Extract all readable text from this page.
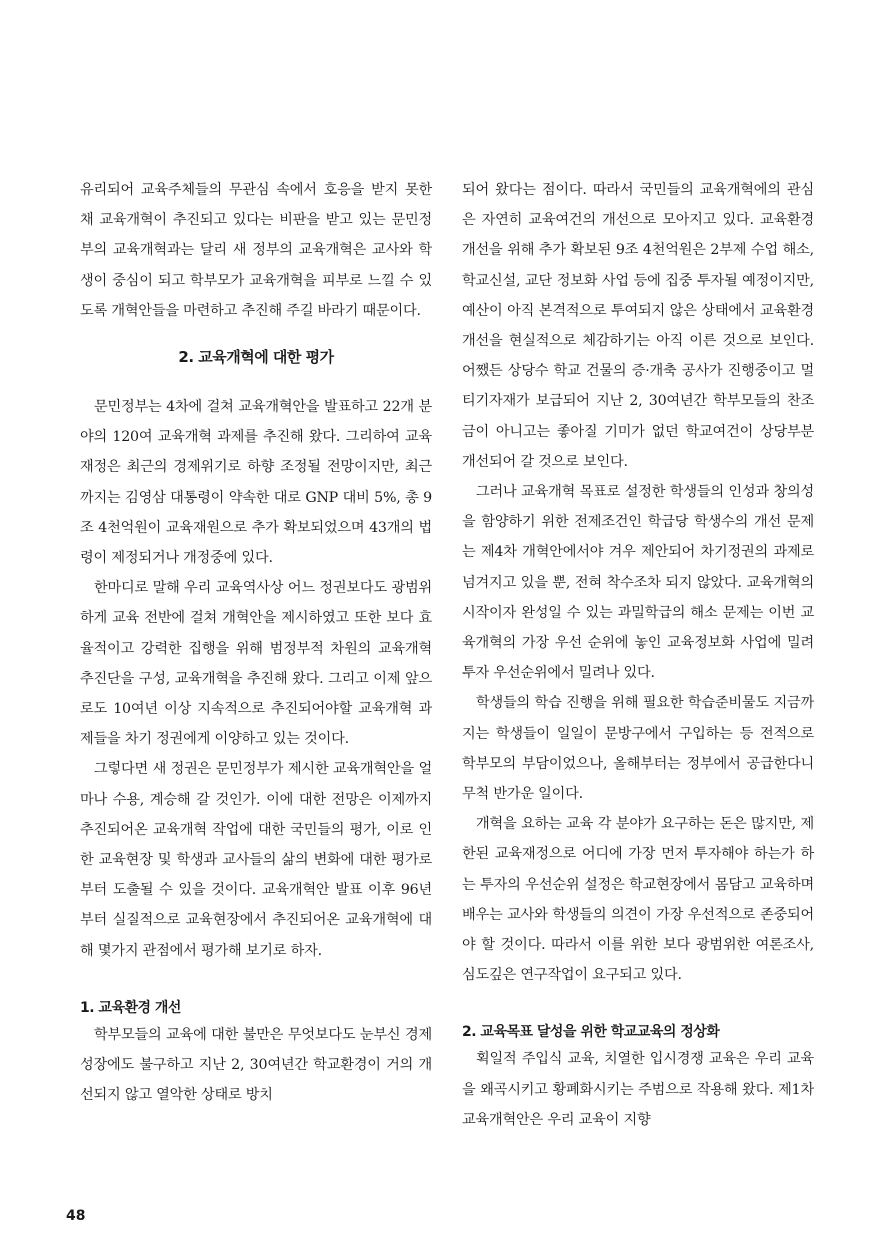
유리되어 교육주체들의 무관심 속에서 호응을 받지 못한 채 교육개혁이 추진되고 있다는 비판을 받고 있는 문민정부의 교육개혁과는 달리 새 정부의 교육개혁은 교사와 학생이 중심이 되고 학부모가 교육개혁을 피부로 느낄 수 있도록 개혁안들을 마련하고 추진해 주길 바라기 때문이다.

2. 교육개혁에 대한 평가

문민정부는 4차에 걸쳐 교육개혁안을 발표하고 22개 분야의 120여 교육개혁 과제를 추진해 왔다. 그리하여 교육재정은 최근의 경제위기로 하향 조정될 전망이지만, 최근까지는 김영삼 대통령이 약속한 대로 GNP 대비 5%, 총 9조 4천억원이 교육재원으로 추가 확보되었으며 43개의 법령이 제정되거나 개정중에 있다.

한마디로 말해 우리 교육역사상 어느 정권보다도 광범위하게 교육 전반에 걸쳐 개혁안을 제시하였고 또한 보다 효율적이고 강력한 집행을 위해 범정부적 차원의 교육개혁 추진단을 구성, 교육개혁을 추진해 왔다. 그리고 이제 앞으로도 10여년 이상 지속적으로 추진되어야할 교육개혁 과제들을 차기 정권에게 이양하고 있는 것이다.

그렇다면 새 정권은 문민정부가 제시한 교육개혁안을 얼마나 수용, 계승해 갈 것인가. 이에 대한 전망은 이제까지 추진되어온 교육개혁 작업에 대한 국민들의 평가, 이로 인한 교육현장 및 학생과 교사들의 삶의 변화에 대한 평가로부터 도출될 수 있을 것이다. 교육개혁안 발표 이후 96년부터 실질적으로 교육현장에서 추진되어온 교육개혁에 대해 몇가지 관점에서 평가해 보기로 하자.

1. 교육환경 개선

학부모들의 교육에 대한 불만은 무엇보다도 눈부신 경제성장에도 불구하고 지난 2, 30여년간 학교환경이 거의 개선되지 않고 열악한 상태로 방치

되어 왔다는 점이다. 따라서 국민들의 교육개혁에의 관심은 자연히 교육여건의 개선으로 모아지고 있다. 교육환경 개선을 위해 추가 확보된 9조 4천억원은 2부제 수업 해소, 학교신설, 교단 정보화 사업 등에 집중 투자될 예정이지만, 예산이 아직 본격적으로 투여되지 않은 상태에서 교육환경 개선을 현실적으로 체감하기는 아직 이른 것으로 보인다. 어쨌든 상당수 학교 건물의 증·개축 공사가 진행중이고 멀티기자재가 보급되어 지난 2, 30여년간 학부모들의 찬조금이 아니고는 좋아질 기미가 없던 학교여건이 상당부분 개선되어 갈 것으로 보인다.

그러나 교육개혁 목표로 설정한 학생들의 인성과 창의성을 함양하기 위한 전제조건인 학급당 학생수의 개선 문제는 제4차 개혁안에서야 겨우 제안되어 차기정권의 과제로 넘겨지고 있을 뿐, 전혀 착수조차 되지 않았다. 교육개혁의 시작이자 완성일 수 있는 과밀학급의 해소 문제는 이번 교육개혁의 가장 우선 순위에 놓인 교육정보화 사업에 밀려 투자 우선순위에서 밀려나 있다.

학생들의 학습 진행을 위해 필요한 학습준비물도 지금까지는 학생들이 일일이 문방구에서 구입하는 등 전적으로 학부모의 부담이었으나, 올해부터는 정부에서 공급한다니 무척 반가운 일이다.

개혁을 요하는 교육 각 분야가 요구하는 돈은 많지만, 제한된 교육재정으로 어디에 가장 먼저 투자해야 하는가 하는 투자의 우선순위 설정은 학교현장에서 몸담고 교육하며 배우는 교사와 학생들의 의견이 가장 우선적으로 존중되어야 할 것이다. 따라서 이를 위한 보다 광범위한 여론조사, 심도깊은 연구작업이 요구되고 있다.

2. 교육목표 달성을 위한 학교교육의 정상화

획일적 주입식 교육, 치열한 입시경쟁 교육은 우리 교육을 왜곡시키고 황폐화시키는 주범으로 작용해 왔다. 제1차 교육개혁안은 우리 교육이 지향

48
